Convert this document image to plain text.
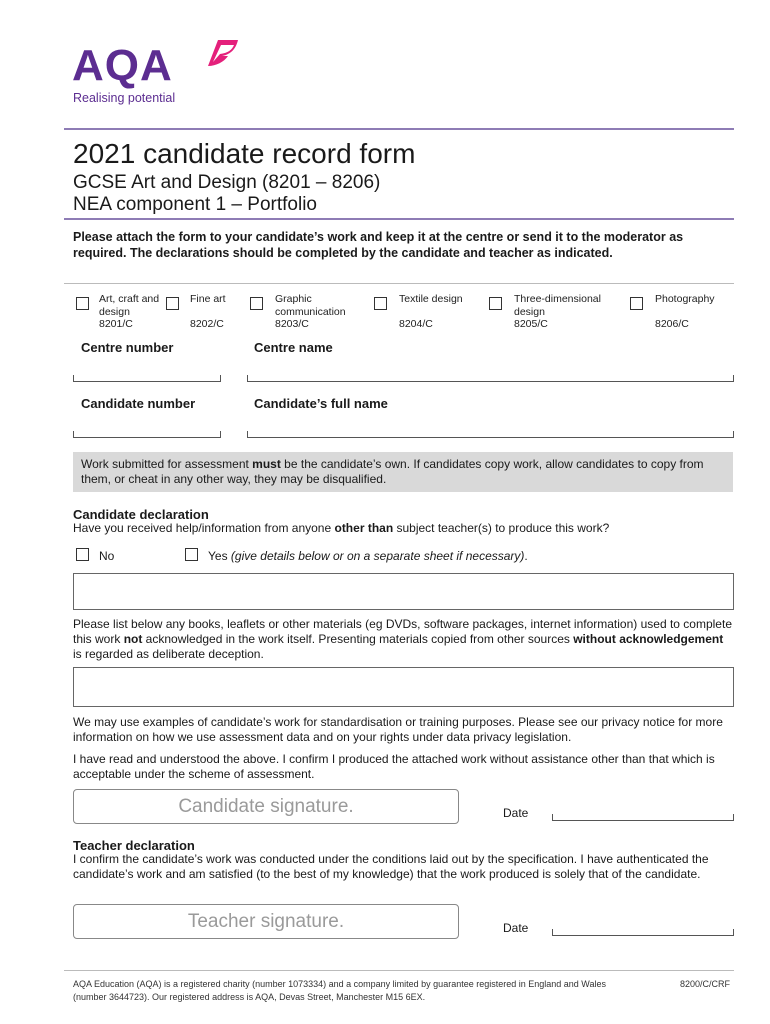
AQA
Realising potential
2021 candidate record form
GCSE Art and Design (8201 – 8206)
NEA component 1 – Portfolio
Please attach the form to your candidate’s work and keep it at the centre or send it to the moderator as required. The declarations should be completed by the candidate and teacher as indicated.
Art, craft and design
8201/C
Fine art
8202/C
Graphic communication
8203/C
Textile design
8204/C
Three-dimensional design
8205/C
Photography
8206/C
Centre number	Centre name
Candidate number	Candidate’s full name
Work submitted for assessment must be the candidate’s own. If candidates copy work, allow candidates to copy from them, or cheat in any other way, they may be disqualified.
Candidate declaration
Have you received help/information from anyone other than subject teacher(s) to produce this work?
No	Yes (give details below or on a separate sheet if necessary).
Please list below any books, leaflets or other materials (eg DVDs, software packages, internet information) used to complete this work not acknowledged in the work itself. Presenting materials copied from other sources without acknowledgement is regarded as deliberate deception.
We may use examples of candidate’s work for standardisation or training purposes. Please see our privacy notice for more information on how we use assessment data and on your rights under data privacy legislation.
I have read and understood the above. I confirm I produced the attached work without assistance other than that which is acceptable under the scheme of assessment.
Candidate signature.	Date
Teacher declaration
I confirm the candidate’s work was conducted under the conditions laid out by the specification. I have authenticated the candidate’s work and am satisfied (to the best of my knowledge) that the work produced is solely that of the candidate.
Teacher signature.	Date
AQA Education (AQA) is a registered charity (number 1073334) and a company limited by guarantee registered in England and Wales (number 3644723). Our registered address is AQA, Devas Street, Manchester M15 6EX.
8200/C/CRF
